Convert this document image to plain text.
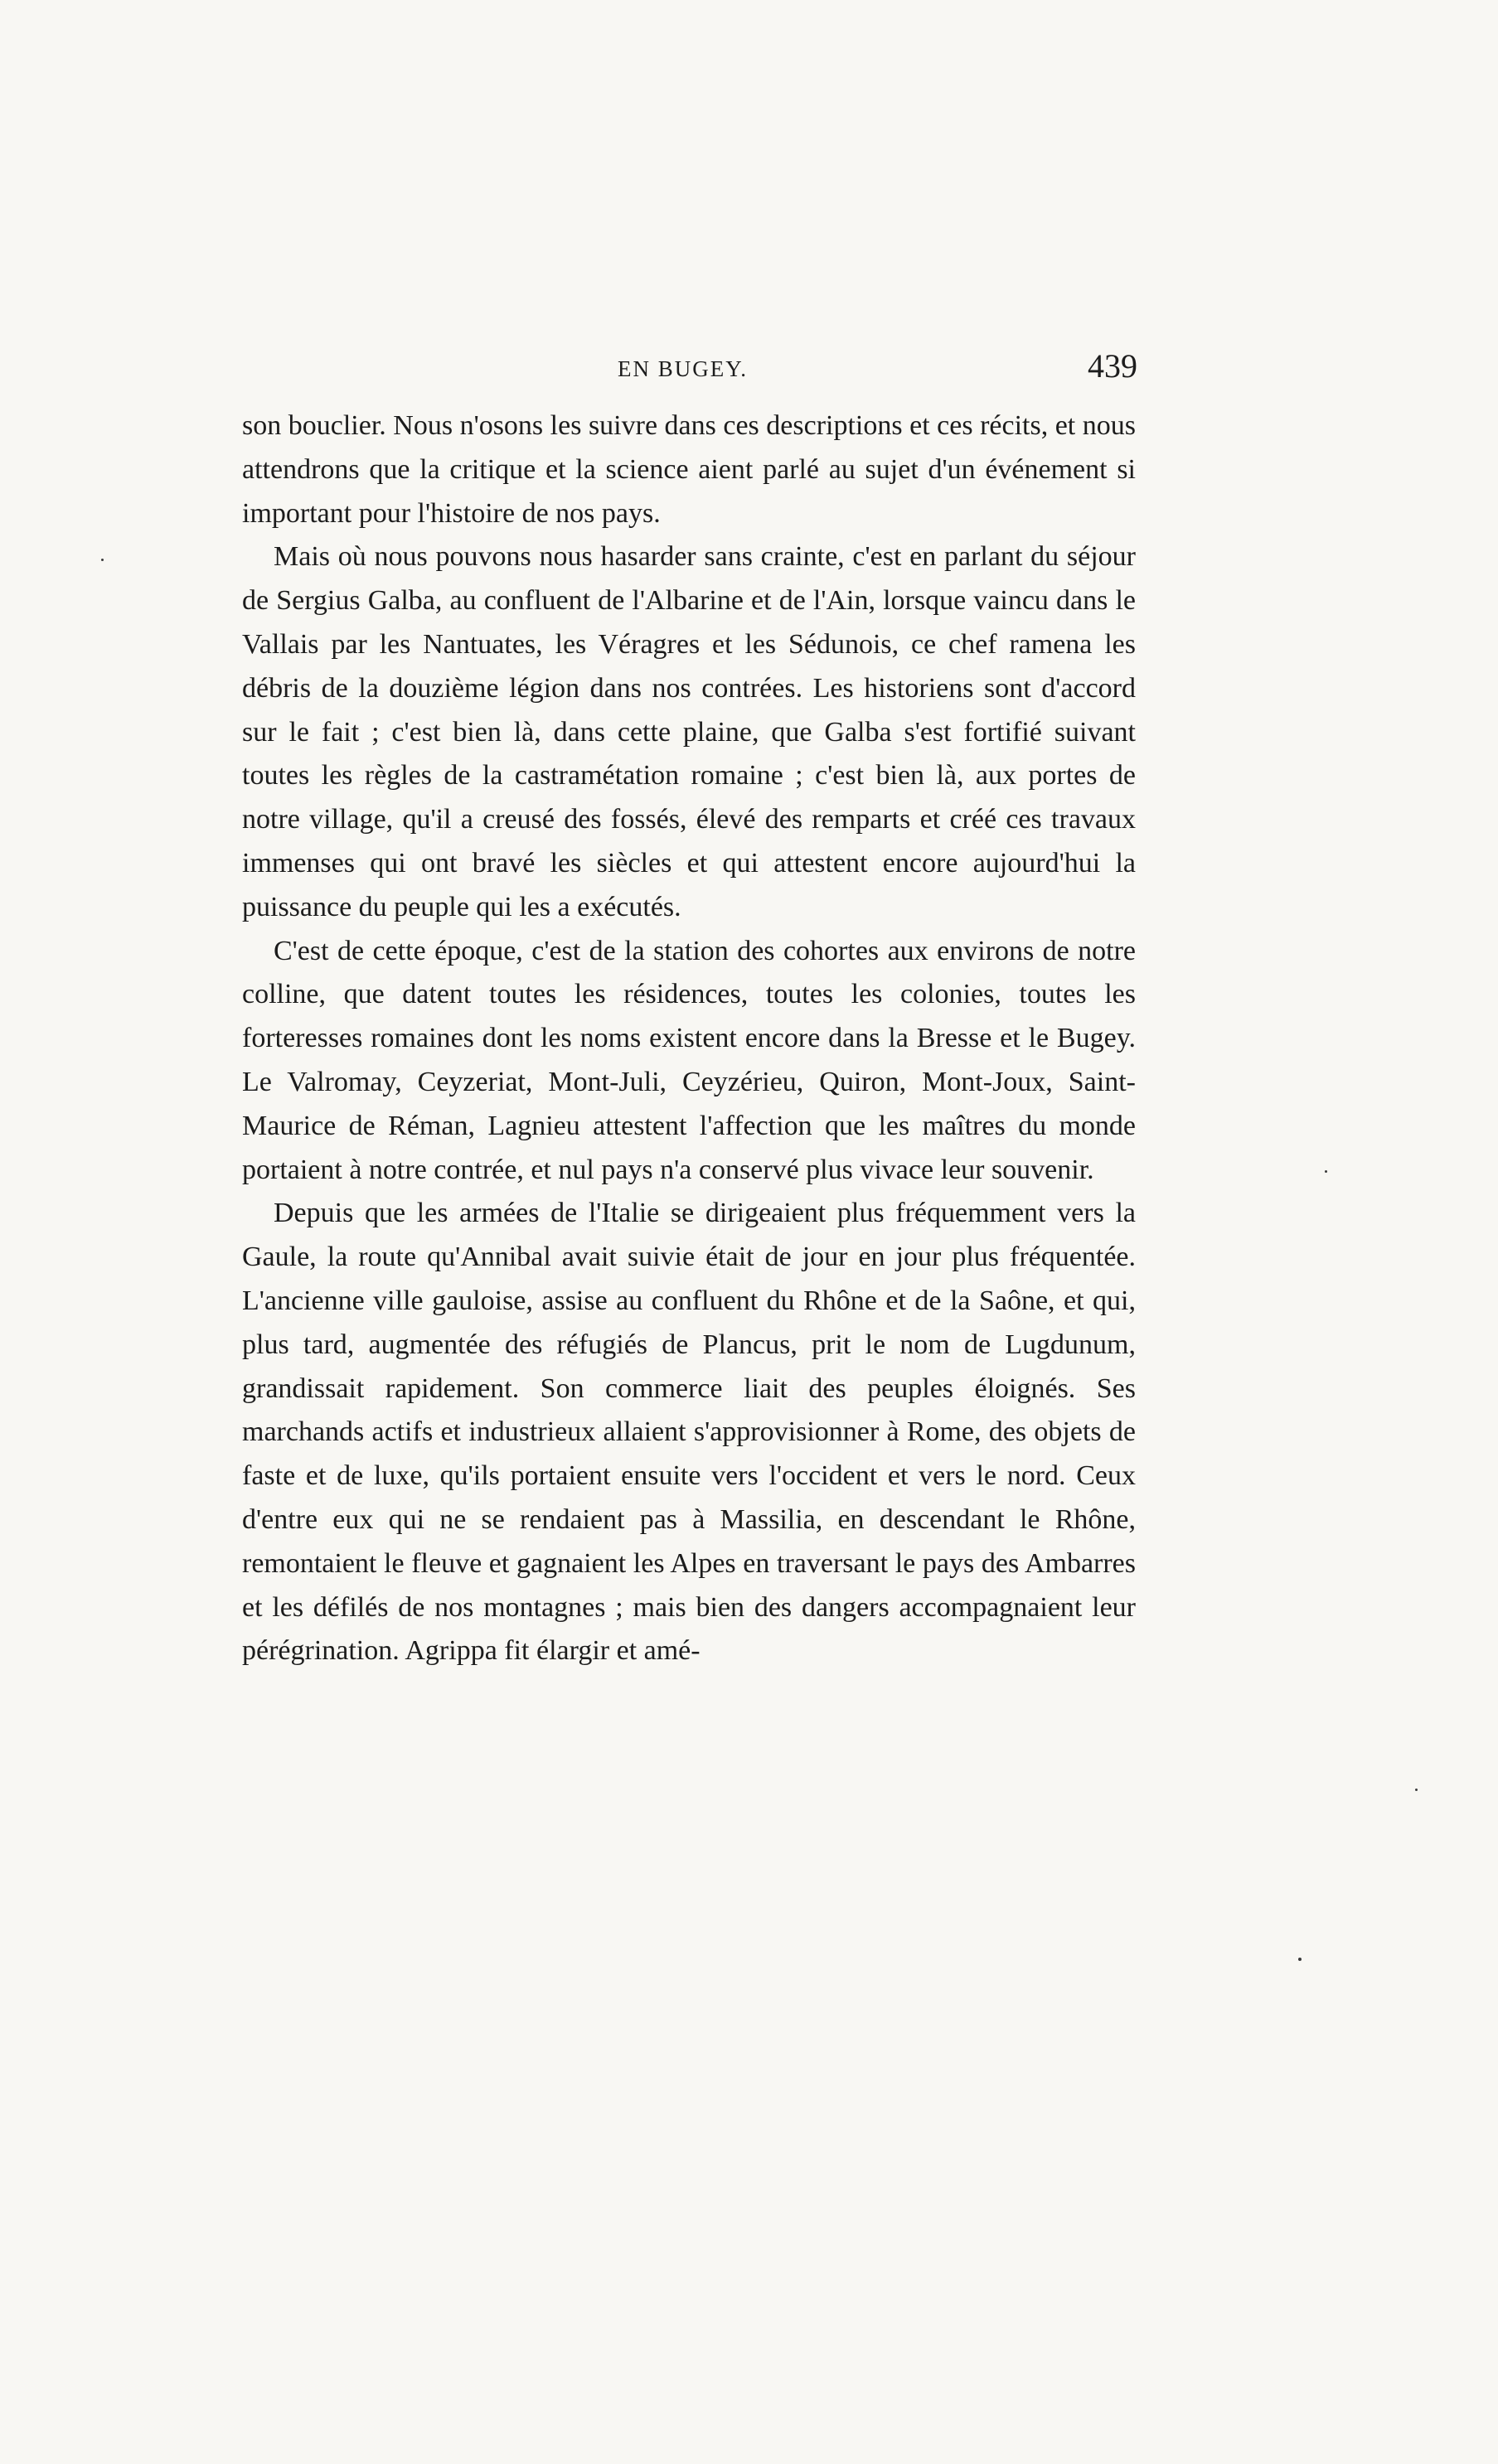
EN BUGEY.	439

son bouclier. Nous n'osons les suivre dans ces descriptions et ces récits, et nous attendrons que la critique et la science aient parlé au sujet d'un événement si important pour l'histoire de nos pays.

Mais où nous pouvons nous hasarder sans crainte, c'est en parlant du séjour de Sergius Galba, au confluent de l'Albarine et de l'Ain, lorsque vaincu dans le Vallais par les Nantuates, les Véragres et les Sédunois, ce chef ramena les débris de la douzième légion dans nos contrées. Les historiens sont d'accord sur le fait ; c'est bien là, dans cette plaine, que Galba s'est fortifié suivant toutes les règles de la castramétation romaine ; c'est bien là, aux portes de notre village, qu'il a creusé des fossés, élevé des remparts et créé ces travaux immenses qui ont bravé les siècles et qui attestent encore aujourd'hui la puissance du peuple qui les a exécutés.

C'est de cette époque, c'est de la station des cohortes aux environs de notre colline, que datent toutes les résidences, toutes les colonies, toutes les forteresses romaines dont les noms existent encore dans la Bresse et le Bugey. Le Valromay, Ceyzeriat, Mont-Juli, Ceyzérieu, Quiron, Mont-Joux, Saint-Maurice de Réman, Lagnieu attestent l'affection que les maîtres du monde portaient à notre contrée, et nul pays n'a conservé plus vivace leur souvenir.

Depuis que les armées de l'Italie se dirigeaient plus fréquemment vers la Gaule, la route qu'Annibal avait suivie était de jour en jour plus fréquentée. L'ancienne ville gauloise, assise au confluent du Rhône et de la Saône, et qui, plus tard, augmentée des réfugiés de Plancus, prit le nom de Lugdunum, grandissait rapidement. Son commerce liait des peuples éloignés. Ses marchands actifs et industrieux allaient s'approvisionner à Rome, des objets de faste et de luxe, qu'ils portaient ensuite vers l'occident et vers le nord. Ceux d'entre eux qui ne se rendaient pas à Massilia, en descendant le Rhône, remontaient le fleuve et gagnaient les Alpes en traversant le pays des Ambarres et les défilés de nos montagnes ; mais bien des dangers accompagnaient leur pérégrination. Agrippa fit élargir et amé-
